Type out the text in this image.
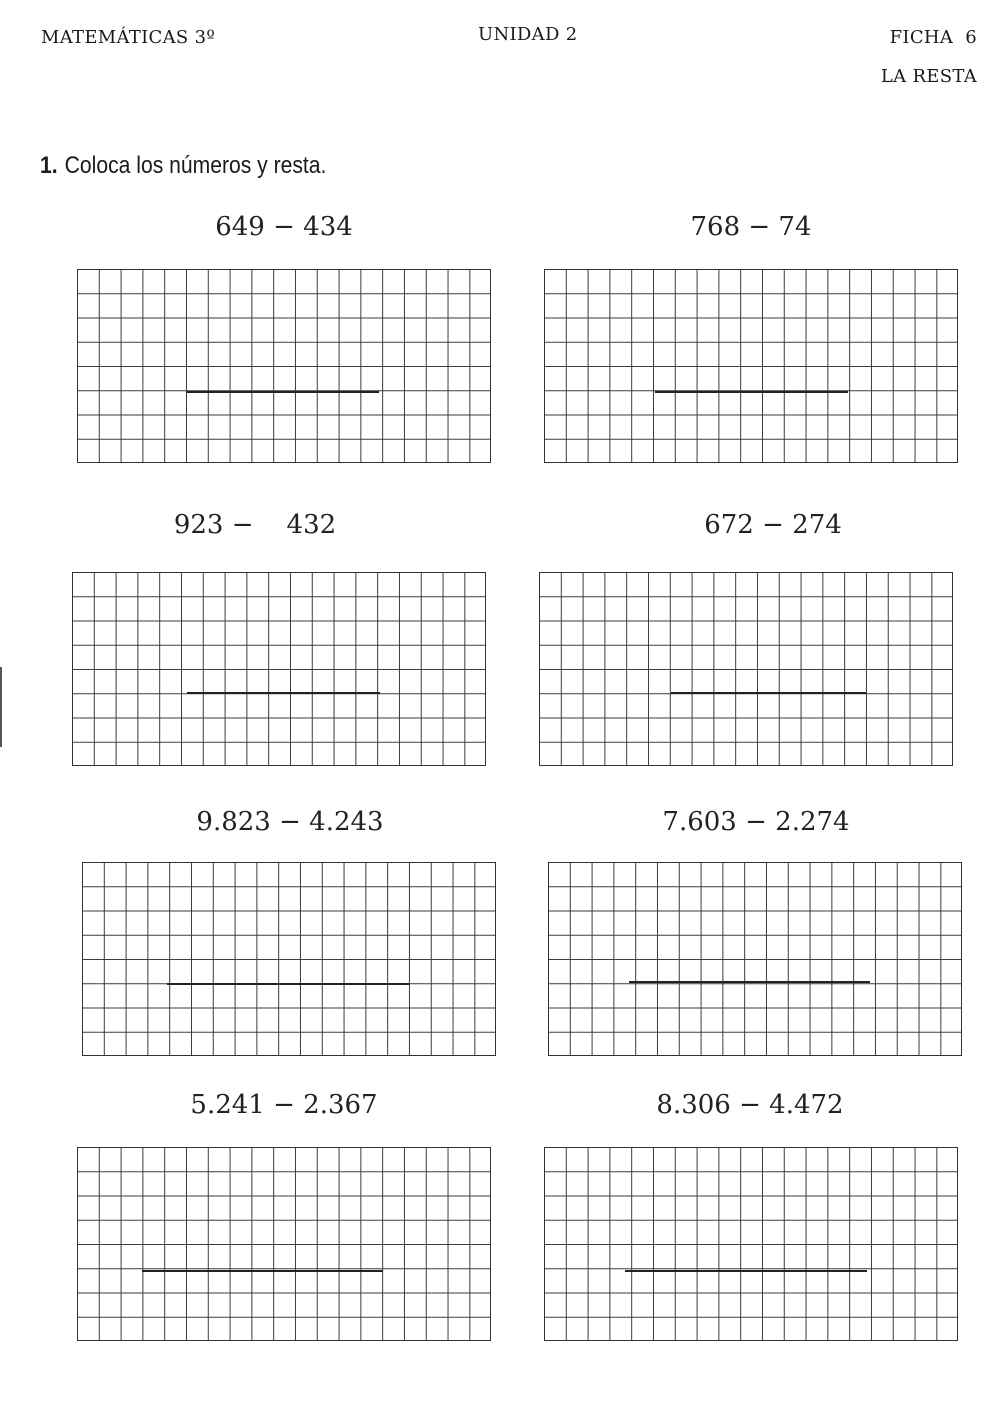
MATEMÁTICAS 3º	UNIDAD 2	FICHA  6
LA RESTA
1. Coloca los números y resta.
649 − 434	768 − 74
923 −    432	672 − 274
9.823 − 4.243	7.603 − 2.274
5.241 − 2.367	8.306 − 4.472
